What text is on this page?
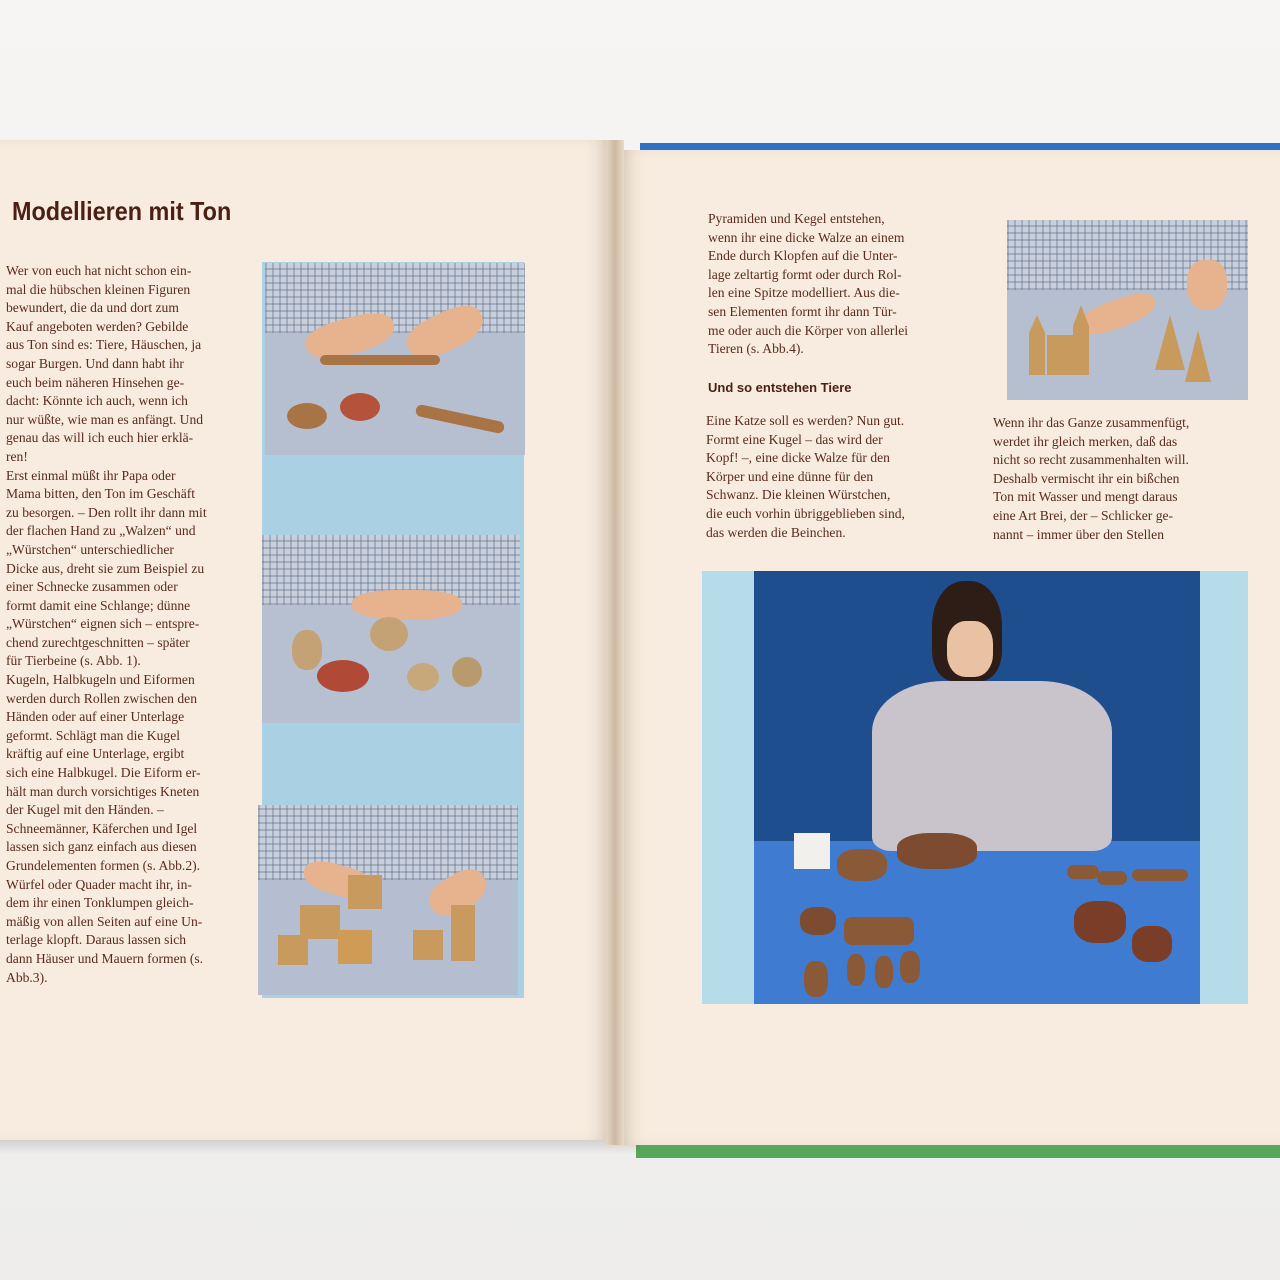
Modellieren mit Ton

Wer von euch hat nicht schon ein-

mal die hübschen kleinen Figuren

bewundert, die da und dort zum

Kauf angeboten werden? Gebilde

aus Ton sind es: Tiere, Häuschen, ja

sogar Burgen. Und dann habt ihr

euch beim näheren Hinsehen ge-

dacht: Könnte ich auch, wenn ich

nur wüßte, wie man es anfängt. Und

genau das will ich euch hier erklä-

ren!

Erst einmal müßt ihr Papa oder

Mama bitten, den Ton im Geschäft

zu besorgen. – Den rollt ihr dann mit

der flachen Hand zu „Walzen“ und

„Würstchen“ unterschiedlicher

Dicke aus, dreht sie zum Beispiel zu

einer Schnecke zusammen oder

formt damit eine Schlange; dünne

„Würstchen“ eignen sich – entspre-

chend zurechtgeschnitten – später

für Tierbeine (s. Abb. 1).

Kugeln, Halbkugeln und Eiformen

werden durch Rollen zwischen den

Händen oder auf einer Unterlage

geformt. Schlägt man die Kugel

kräftig auf eine Unterlage, ergibt

sich eine Halbkugel. Die Eiform er-

hält man durch vorsichtiges Kneten

der Kugel mit den Händen. –

Schneemänner, Käferchen und Igel

lassen sich ganz einfach aus diesen

Grundelementen formen (s. Abb.2).

Würfel oder Quader macht ihr, in-

dem ihr einen Tonklumpen gleich-

mäßig von allen Seiten auf eine Un-

terlage klopft. Daraus lassen sich

dann Häuser und Mauern formen (s.

Abb.3).

Pyramiden und Kegel entstehen,

wenn ihr eine dicke Walze an einem

Ende durch Klopfen auf die Unter-

lage zeltartig formt oder durch Rol-

len eine Spitze modelliert. Aus die-

sen Elementen formt ihr dann Tür-

me oder auch die Körper von allerlei

Tieren (s. Abb.4).

Und so entstehen Tiere

Eine Katze soll es werden? Nun gut.

Formt eine Kugel – das wird der

Kopf! –, eine dicke Walze für den

Körper und eine dünne für den

Schwanz. Die kleinen Würstchen,

die euch vorhin übriggeblieben sind,

das werden die Beinchen.

Wenn ihr das Ganze zusammenfügt,

werdet ihr gleich merken, daß das

nicht so recht zusammenhalten will.

Deshalb vermischt ihr ein bißchen

Ton mit Wasser und mengt daraus

eine Art Brei, der – Schlicker ge-

nannt – immer über den Stellen
